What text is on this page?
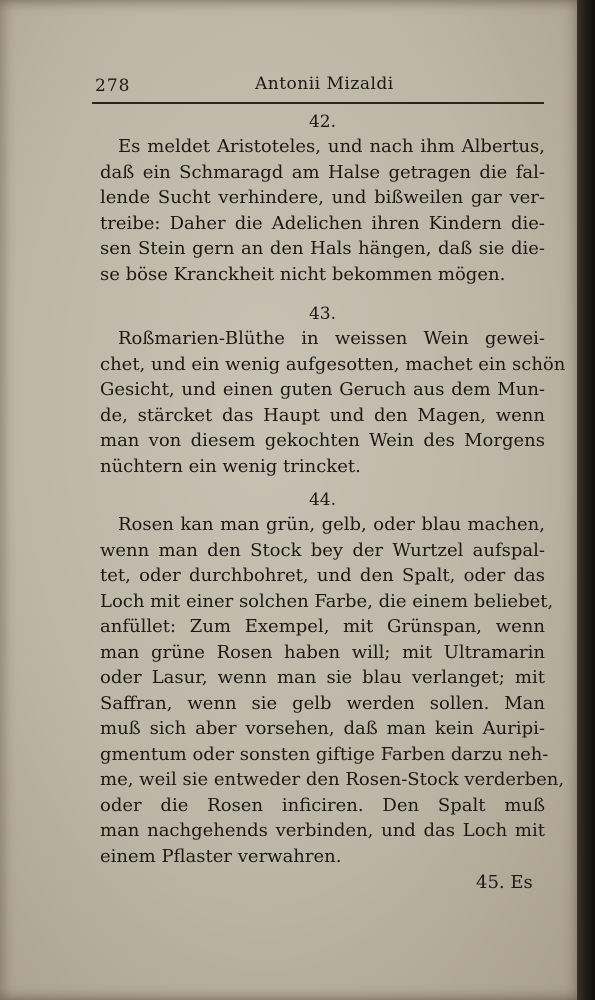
278	Antonii Mizaldi
42.
Es meldet Aristoteles, und nach ihm Albertus,
daß ein Schmaragd am Halse getragen die fal-
lende Sucht verhindere, und bißweilen gar ver-
treibe: Daher die Adelichen ihren Kindern die-
sen Stein gern an den Hals hängen, daß sie die-
se böse Kranckheit nicht bekommen mögen.
43.
Roßmarien-Blüthe in weissen Wein gewei-
chet, und ein wenig aufgesotten, machet ein schön
Gesicht, und einen guten Geruch aus dem Mun-
de, stärcket das Haupt und den Magen, wenn
man von diesem gekochten Wein des Morgens
nüchtern ein wenig trincket.
44.
Rosen kan man grün, gelb, oder blau machen,
wenn man den Stock bey der Wurtzel aufspal-
tet, oder durchbohret, und den Spalt, oder das
Loch mit einer solchen Farbe, die einem beliebet,
anfüllet: Zum Exempel, mit Grünspan, wenn
man grüne Rosen haben will; mit Ultramarin
oder Lasur, wenn man sie blau verlanget; mit
Saffran, wenn sie gelb werden sollen. Man
muß sich aber vorsehen, daß man kein Auripi-
gmentum oder sonsten giftige Farben darzu neh-
me, weil sie entweder den Rosen-Stock verderben,
oder die Rosen inficiren. Den Spalt muß
man nachgehends verbinden, und das Loch mit
einem Pflaster verwahren.
45. Es
